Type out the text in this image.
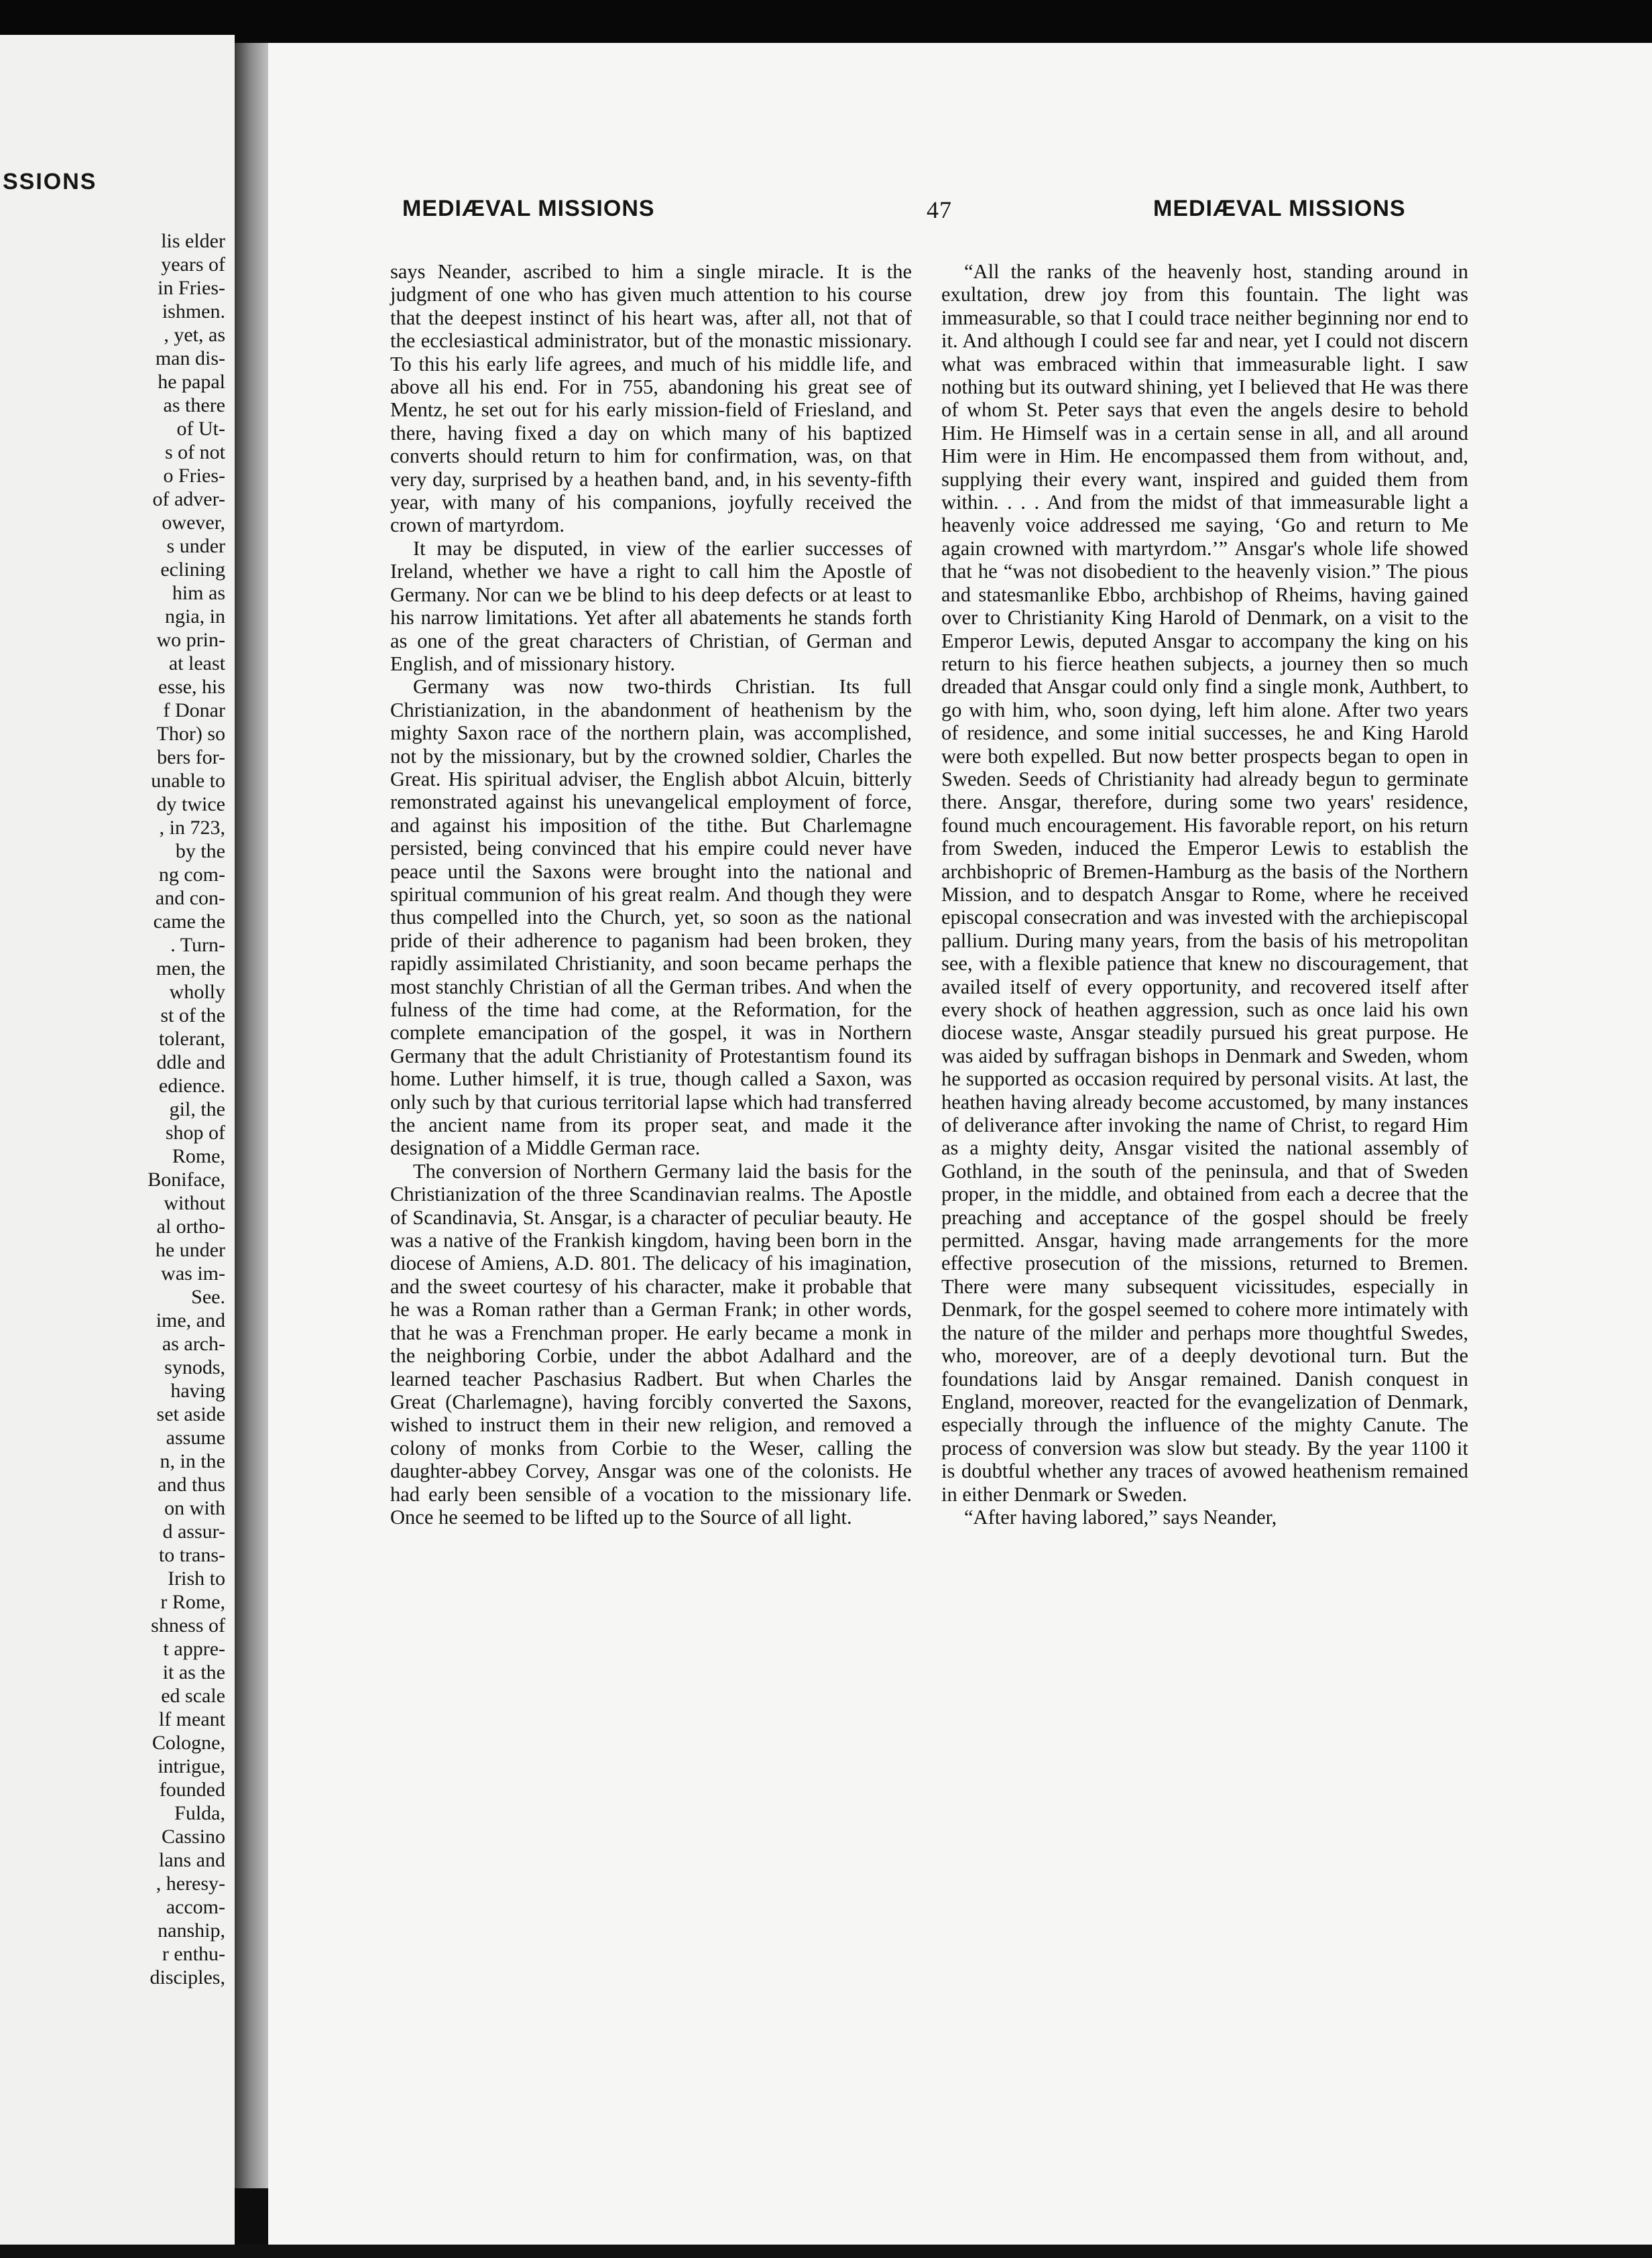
SSIONS
lis elder
years of
in Fries-
ishmen.
, yet, as
man dis-
he papal
as there
of Ut-
s of not
o Fries-
of adver-
owever,
s under
eclining
him as
ngia, in
wo prin-
at least
esse, his
f Donar
Thor) so
bers for-
unable to
dy twice
, in 723,
by the
ng com-
and con-
came the
. Turn-
men, the
wholly
st of the
tolerant,
ddle and
edience.
gil, the
shop of
Rome,
Boniface,
without
al ortho-
he under
was im-
See.
ime, and
as arch-
synods,
having
set aside
assume
n, in the
and thus
on with
d assur-
to trans-
Irish to
r Rome,
shness of
t appre-
it as the
ed scale
lf meant
Cologne,
intrigue,
founded
Fulda,
Cassino
lans and
, heresy-
accom-
nanship,
r enthu-
disciples,
MEDIÆVAL MISSIONS	47	MEDIÆVAL MISSIONS

says Neander, ascribed to him a single miracle. It is the judgment of one who has given much attention to his course that the deepest instinct of his heart was, after all, not that of the ecclesiastical administrator, but of the monastic missionary. To this his early life agrees, and much of his middle life, and above all his end. For in 755, abandoning his great see of Mentz, he set out for his early mission-field of Friesland, and there, having fixed a day on which many of his baptized converts should return to him for confirmation, was, on that very day, surprised by a heathen band, and, in his seventy-fifth year, with many of his companions, joyfully received the crown of martyrdom.

It may be disputed, in view of the earlier successes of Ireland, whether we have a right to call him the Apostle of Germany. Nor can we be blind to his deep defects or at least to his narrow limitations. Yet after all abatements he stands forth as one of the great characters of Christian, of German and English, and of missionary history.

Germany was now two-thirds Christian. Its full Christianization, in the abandonment of heathenism by the mighty Saxon race of the northern plain, was accomplished, not by the missionary, but by the crowned soldier, Charles the Great. His spiritual adviser, the English abbot Alcuin, bitterly remonstrated against his unevangelical employment of force, and against his imposition of the tithe. But Charlemagne persisted, being convinced that his empire could never have peace until the Saxons were brought into the national and spiritual communion of his great realm. And though they were thus compelled into the Church, yet, so soon as the national pride of their adherence to paganism had been broken, they rapidly assimilated Christianity, and soon became perhaps the most stanchly Christian of all the German tribes. And when the fulness of the time had come, at the Reformation, for the complete emancipation of the gospel, it was in Northern Germany that the adult Christianity of Protestantism found its home. Luther himself, it is true, though called a Saxon, was only such by that curious territorial lapse which had transferred the ancient name from its proper seat, and made it the designation of a Middle German race.

The conversion of Northern Germany laid the basis for the Christianization of the three Scandinavian realms. The Apostle of Scandinavia, St. Ansgar, is a character of peculiar beauty. He was a native of the Frankish kingdom, having been born in the diocese of Amiens, A.D. 801. The delicacy of his imagination, and the sweet courtesy of his character, make it probable that he was a Roman rather than a German Frank; in other words, that he was a Frenchman proper. He early became a monk in the neighboring Corbie, under the abbot Adalhard and the learned teacher Paschasius Radbert. But when Charles the Great (Charlemagne), having forcibly converted the Saxons, wished to instruct them in their new religion, and removed a colony of monks from Corbie to the Weser, calling the daughter-abbey Corvey, Ansgar was one of the colonists. He had early been sensible of a vocation to the missionary life. Once he seemed to be lifted up to the Source of all light.

“All the ranks of the heavenly host, standing around in exultation, drew joy from this fountain. The light was immeasurable, so that I could trace neither beginning nor end to it. And although I could see far and near, yet I could not discern what was embraced within that immeasurable light. I saw nothing but its outward shining, yet I believed that He was there of whom St. Peter says that even the angels desire to behold Him. He Himself was in a certain sense in all, and all around Him were in Him. He encompassed them from without, and, supplying their every want, inspired and guided them from within. . . . And from the midst of that immeasurable light a heavenly voice addressed me saying, ‘Go and return to Me again crowned with martyrdom.’” Ansgar's whole life showed that he “was not disobedient to the heavenly vision.” The pious and statesmanlike Ebbo, archbishop of Rheims, having gained over to Christianity King Harold of Denmark, on a visit to the Emperor Lewis, deputed Ansgar to accompany the king on his return to his fierce heathen subjects, a journey then so much dreaded that Ansgar could only find a single monk, Authbert, to go with him, who, soon dying, left him alone. After two years of residence, and some initial successes, he and King Harold were both expelled. But now better prospects began to open in Sweden. Seeds of Christianity had already begun to germinate there. Ansgar, therefore, during some two years' residence, found much encouragement. His favorable report, on his return from Sweden, induced the Emperor Lewis to establish the archbishopric of Bremen-Hamburg as the basis of the Northern Mission, and to despatch Ansgar to Rome, where he received episcopal consecration and was invested with the archiepiscopal pallium. During many years, from the basis of his metropolitan see, with a flexible patience that knew no discouragement, that availed itself of every opportunity, and recovered itself after every shock of heathen aggression, such as once laid his own diocese waste, Ansgar steadily pursued his great purpose. He was aided by suffragan bishops in Denmark and Sweden, whom he supported as occasion required by personal visits. At last, the heathen having already become accustomed, by many instances of deliverance after invoking the name of Christ, to regard Him as a mighty deity, Ansgar visited the national assembly of Gothland, in the south of the peninsula, and that of Sweden proper, in the middle, and obtained from each a decree that the preaching and acceptance of the gospel should be freely permitted. Ansgar, having made arrangements for the more effective prosecution of the missions, returned to Bremen. There were many subsequent vicissitudes, especially in Denmark, for the gospel seemed to cohere more intimately with the nature of the milder and perhaps more thoughtful Swedes, who, moreover, are of a deeply devotional turn. But the foundations laid by Ansgar remained. Danish conquest in England, moreover, reacted for the evangelization of Denmark, especially through the influence of the mighty Canute. The process of conversion was slow but steady. By the year 1100 it is doubtful whether any traces of avowed heathenism remained in either Denmark or Sweden.

“After having labored,” says Neander,
